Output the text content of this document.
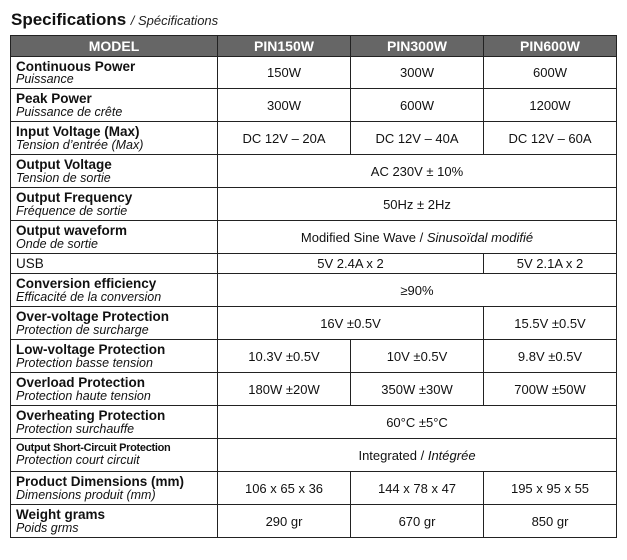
Specifications / Spécifications
MODEL	PIN150W	PIN300W	PIN600W

Continuous Power
Puissance	150W	300W	600W

Peak Power
Puissance de crête	300W	600W	1200W

Input Voltage (Max)
Tension d’entrée (Max)	DC 12V – 20A	DC 12V – 40A	DC 12V – 60A

Output Voltage
Tension de sortie	AC 230V ± 10%		

Output Frequency
Fréquence de sortie	50Hz ± 2Hz		

Output waveform
Onde de sortie	Modified Sine Wave / Sinusoïdal modifié		

USB	5V 2.4A x 2		5V 2.1A x 2

Conversion efficiency
Efficacité de la conversion	≥90%		

Over-voltage Protection
Protection de surcharge	16V ±0.5V		15.5V ±0.5V

Low-voltage Protection
Protection basse tension	10.3V ±0.5V	10V ±0.5V	9.8V ±0.5V

Overload Protection
Protection haute tension	180W ±20W	350W ±30W	700W ±50W

Overheating Protection
Protection surchauffe	60°C ±5°C		

Output Short-Circuit Protection
Protection court circuit	Integrated / Intégrée		

Product Dimensions (mm)
Dimensions produit (mm)	106 x 65 x 36	144 x 78 x 47	195 x 95 x 55

Weight grams
Poids grms	290 gr	670 gr	850 gr
